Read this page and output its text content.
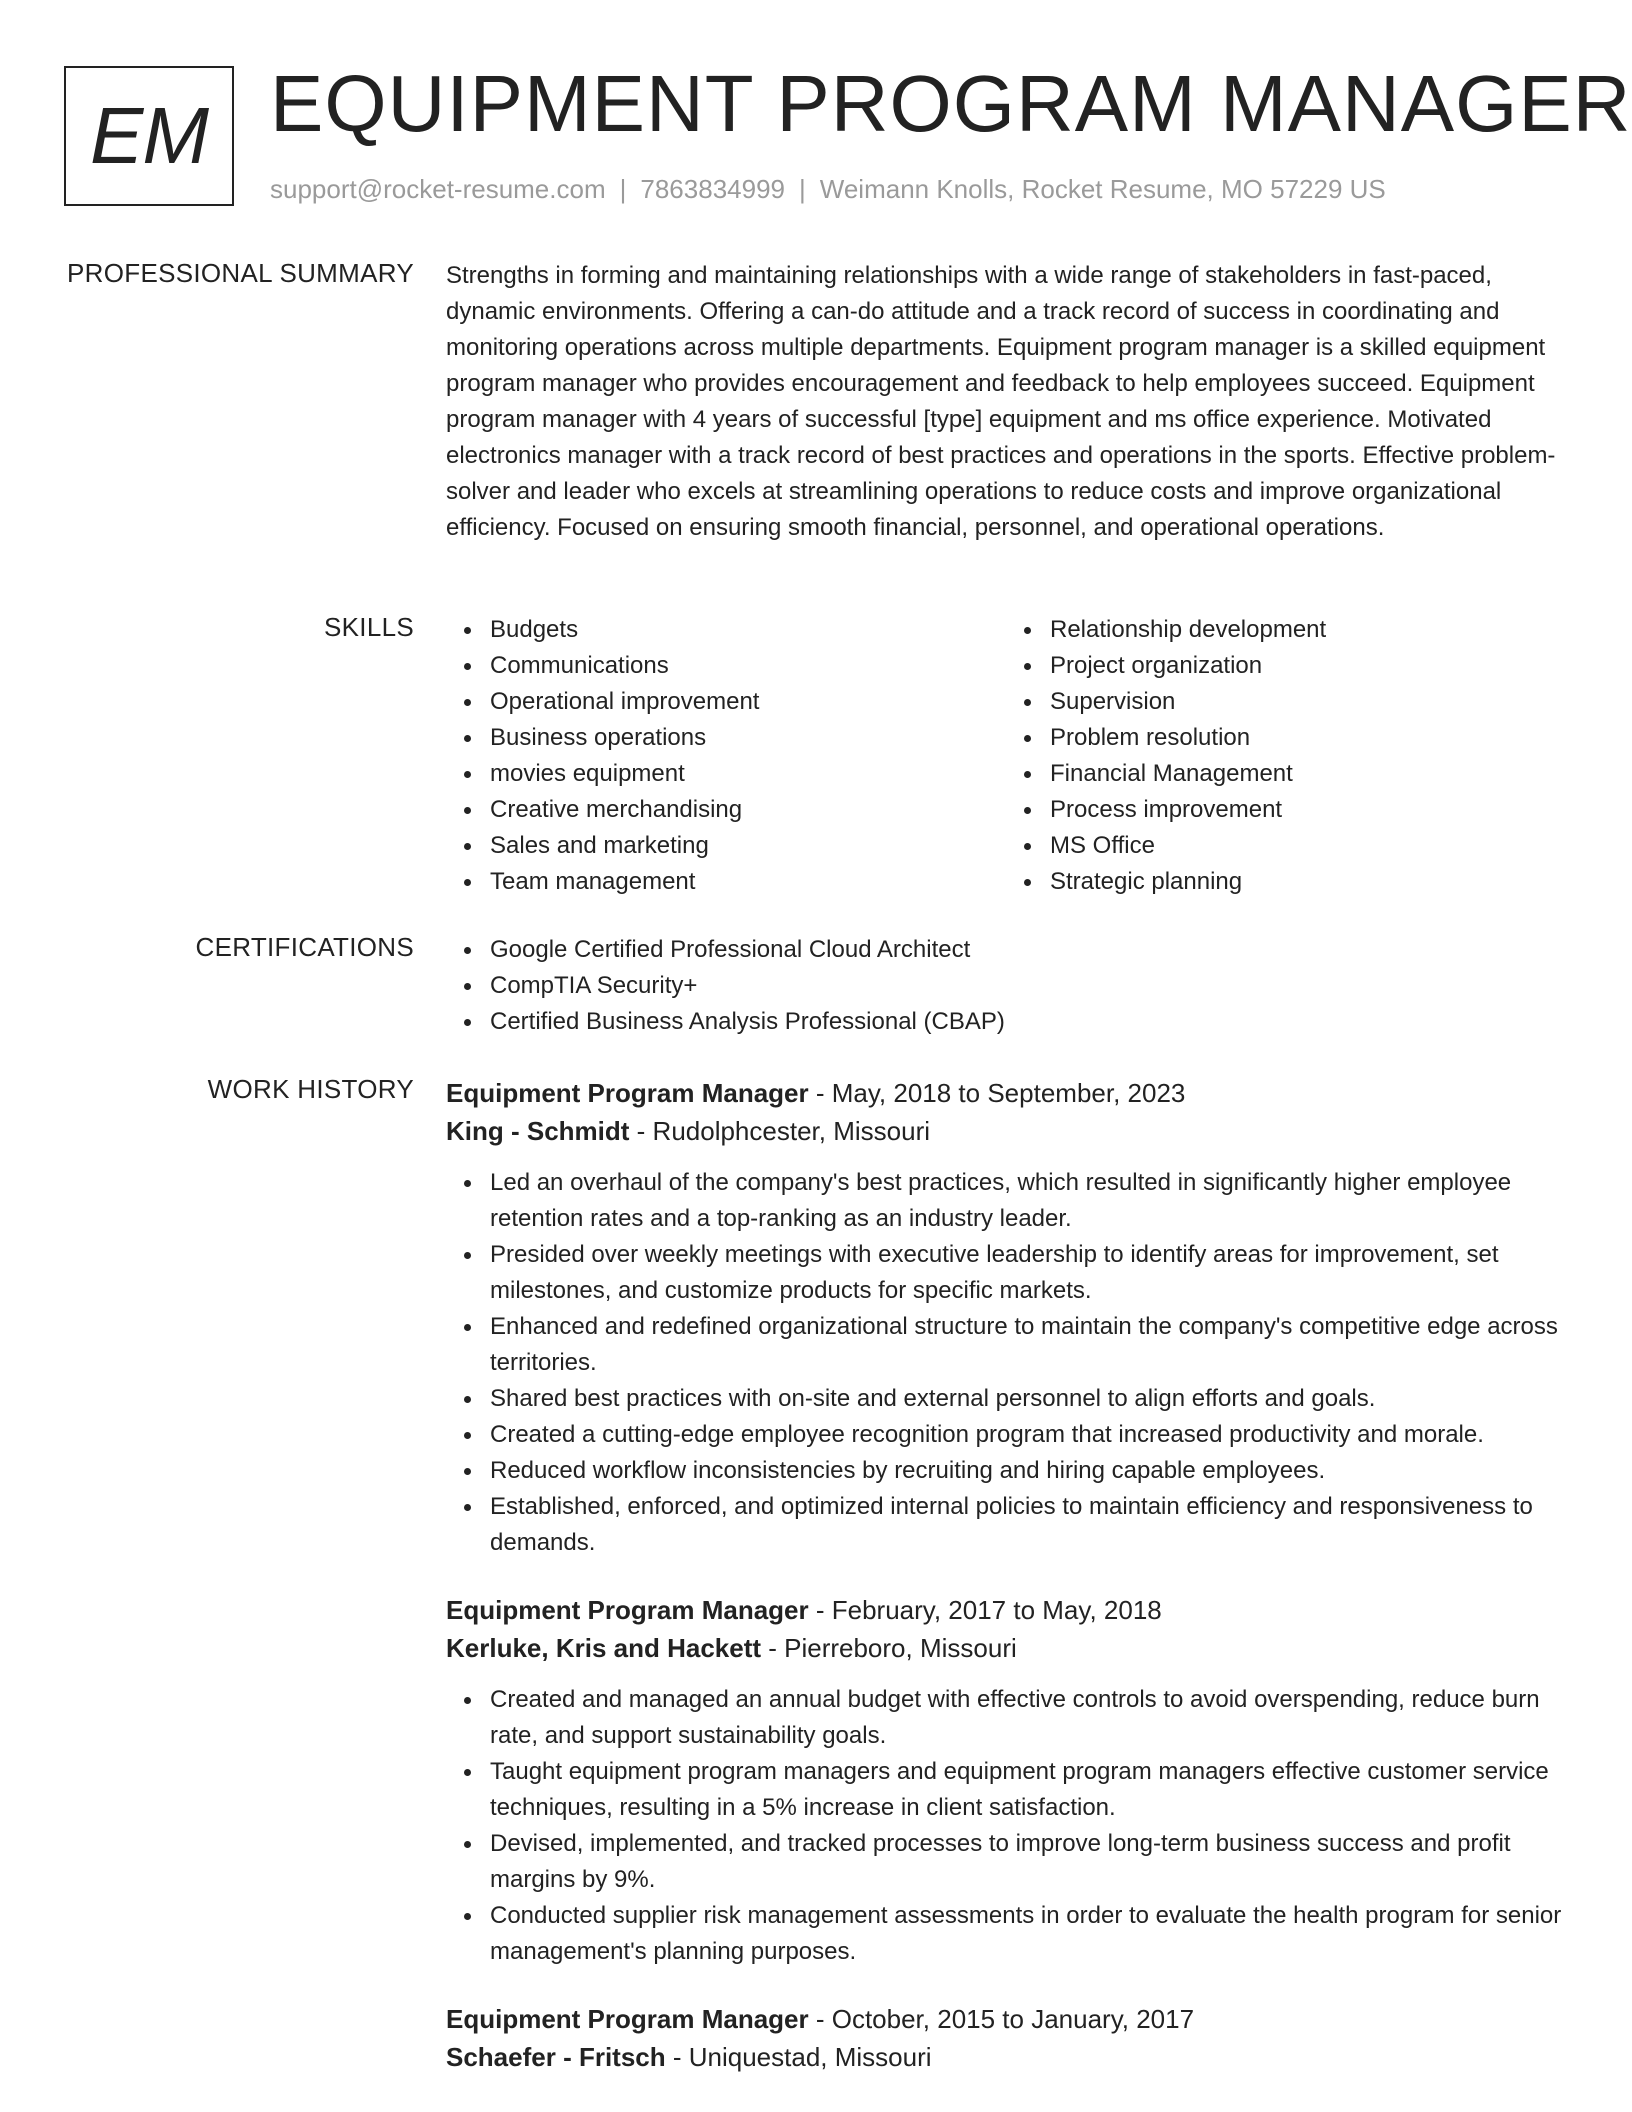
EM EQUIPMENT PROGRAM MANAGER
support@rocket-resume.com | 7863834999 | Weimann Knolls, Rocket Resume, MO 57229 US
PROFESSIONAL SUMMARY Strengths in forming and maintaining relationships with a wide range of stakeholders in fast-paced, dynamic environments. Offering a can-do attitude and a track record of success in coordinating and monitoring operations across multiple departments. Equipment program manager is a skilled equipment program manager who provides encouragement and feedback to help employees succeed. Equipment program manager with 4 years of successful [type] equipment and ms office experience. Motivated electronics manager with a track record of best practices and operations in the sports. Effective problem-solver and leader who excels at streamlining operations to reduce costs and improve organizational efficiency. Focused on ensuring smooth financial, personnel, and operational operations.

SKILLS	Budgets
Communications
Operational improvement
Business operations
movies equipment
Creative merchandising
Sales and marketing
Team management
Relationship development
Project organization
Supervision
Problem resolution
Financial Management
Process improvement
MS Office
Strategic planning
CERTIFICATIONS	Google Certified Professional Cloud Architect
CompTIA Security+
Certified Business Analysis Professional (CBAP)
WORK HISTORY Equipment Program Manager - May, 2018 to September, 2023
King - Schmidt - Rudolphcester, Missouri
Led an overhaul of the company's best practices, which resulted in significantly higher employee retention rates and a top-ranking as an industry leader.
Presided over weekly meetings with executive leadership to identify areas for improvement, set milestones, and customize products for specific markets.
Enhanced and redefined organizational structure to maintain the company's competitive edge across territories.
Shared best practices with on-site and external personnel to align efforts and goals.
Created a cutting-edge employee recognition program that increased productivity and morale.
Reduced workflow inconsistencies by recruiting and hiring capable employees.
Established, enforced, and optimized internal policies to maintain efficiency and responsiveness to demands.
Equipment Program Manager - February, 2017 to May, 2018
Kerluke, Kris and Hackett - Pierreboro, Missouri
Created and managed an annual budget with effective controls to avoid overspending, reduce burn rate, and support sustainability goals.
Taught equipment program managers and equipment program managers effective customer service techniques, resulting in a 5% increase in client satisfaction.
Devised, implemented, and tracked processes to improve long-term business success and profit margins by 9%.
Conducted supplier risk management assessments in order to evaluate the health program for senior management's planning purposes.
Equipment Program Manager - October, 2015 to January, 2017
Schaefer - Fritsch - Uniquestad, Missouri
